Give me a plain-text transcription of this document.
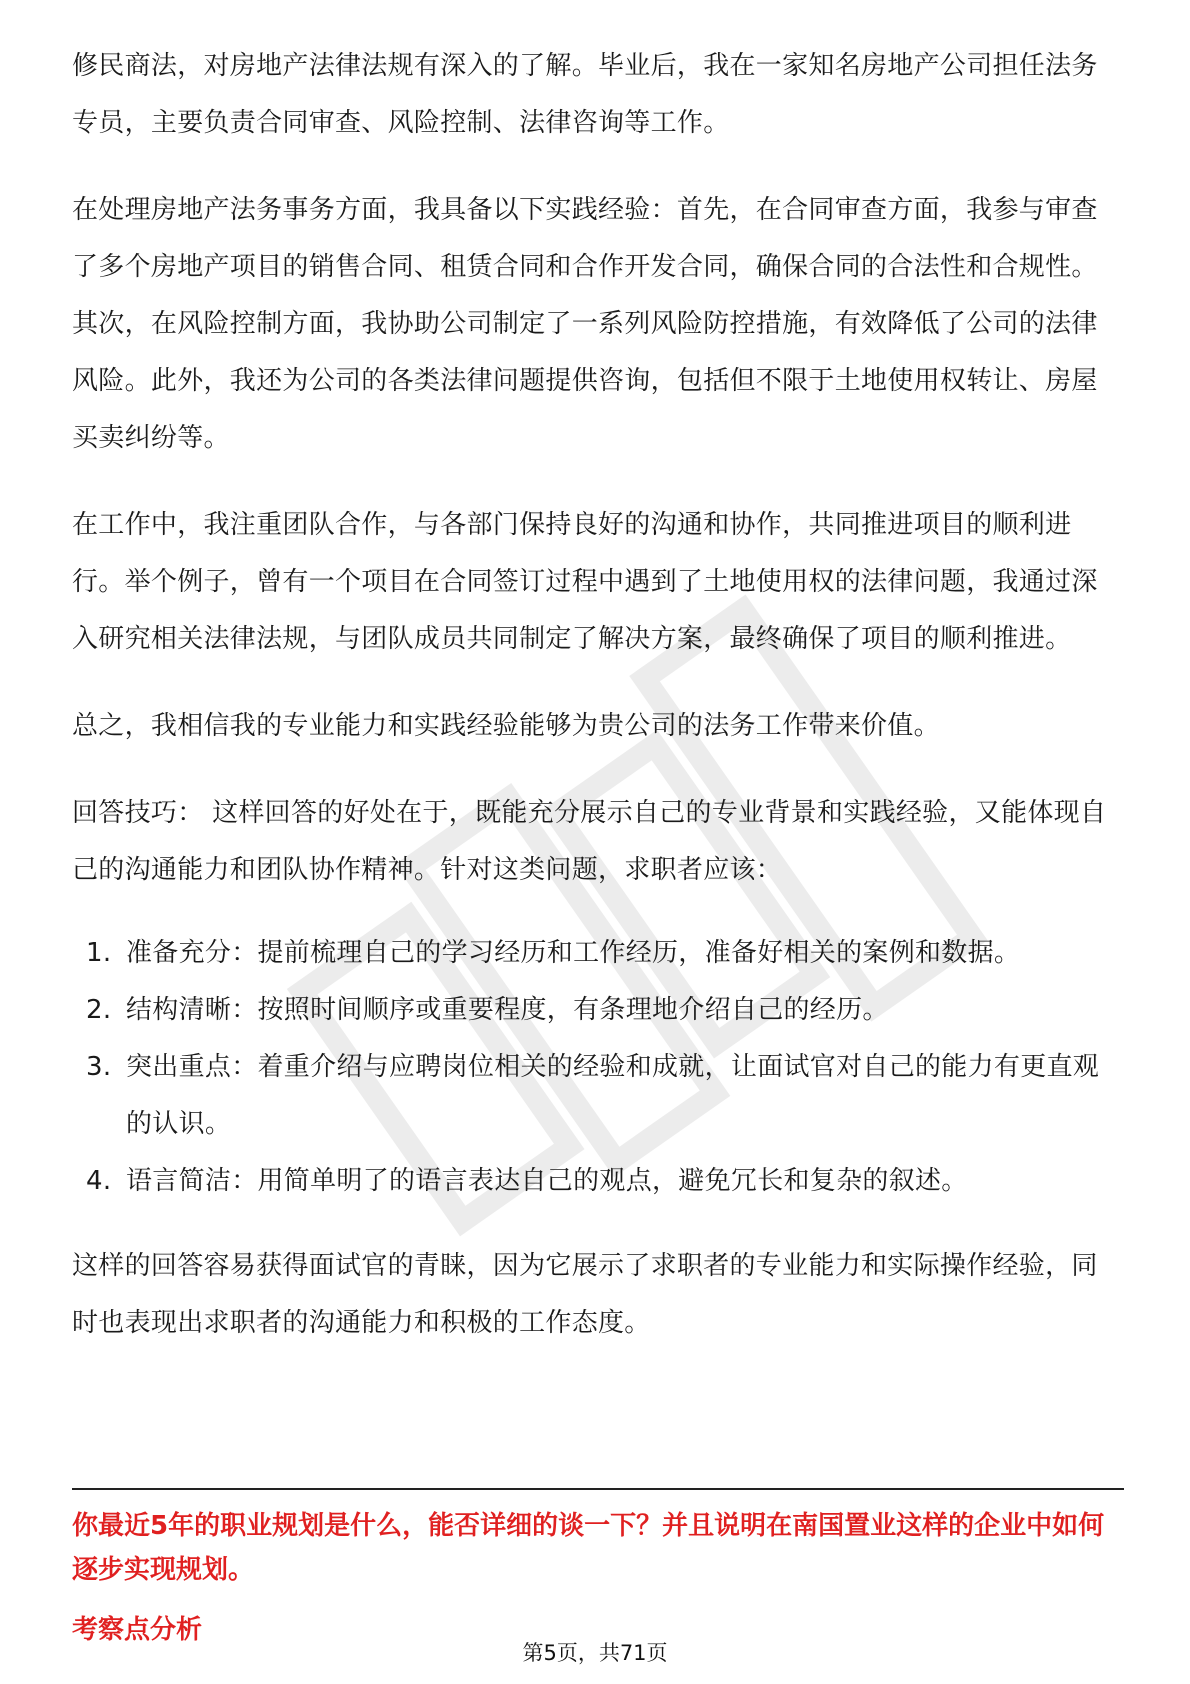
修民商法，对房地产法律法规有深入的了解。毕业后，我在一家知名房地产公司担任法务专员，主要负责合同审查、风险控制、法律咨询等工作。

在处理房地产法务事务方面，我具备以下实践经验：首先，在合同审查方面，我参与审查了多个房地产项目的销售合同、租赁合同和合作开发合同，确保合同的合法性和合规性。其次，在风险控制方面，我协助公司制定了一系列风险防控措施，有效降低了公司的法律风险。此外，我还为公司的各类法律问题提供咨询，包括但不限于土地使用权转让、房屋买卖纠纷等。

在工作中，我注重团队合作，与各部门保持良好的沟通和协作，共同推进项目的顺利进行。举个例子，曾有一个项目在合同签订过程中遇到了土地使用权的法律问题，我通过深入研究相关法律法规，与团队成员共同制定了解决方案，最终确保了项目的顺利推进。

总之，我相信我的专业能力和实践经验能够为贵公司的法务工作带来价值。

回答技巧： 这样回答的好处在于，既能充分展示自己的专业背景和实践经验，又能体现自己的沟通能力和团队协作精神。针对这类问题，求职者应该：

1. 准备充分：提前梳理自己的学习经历和工作经历，准备好相关的案例和数据。
2. 结构清晰：按照时间顺序或重要程度，有条理地介绍自己的经历。
3. 突出重点：着重介绍与应聘岗位相关的经验和成就，让面试官对自己的能力有更直观的认识。
4. 语言简洁：用简单明了的语言表达自己的观点，避免冗长和复杂的叙述。

这样的回答容易获得面试官的青睐，因为它展示了求职者的专业能力和实际操作经验，同时也表现出求职者的沟通能力和积极的工作态度。

你最近5年的职业规划是什么，能否详细的谈一下？并且说明在南国置业这样的企业中如何逐步实现规划。

考察点分析

第5页，共71页
